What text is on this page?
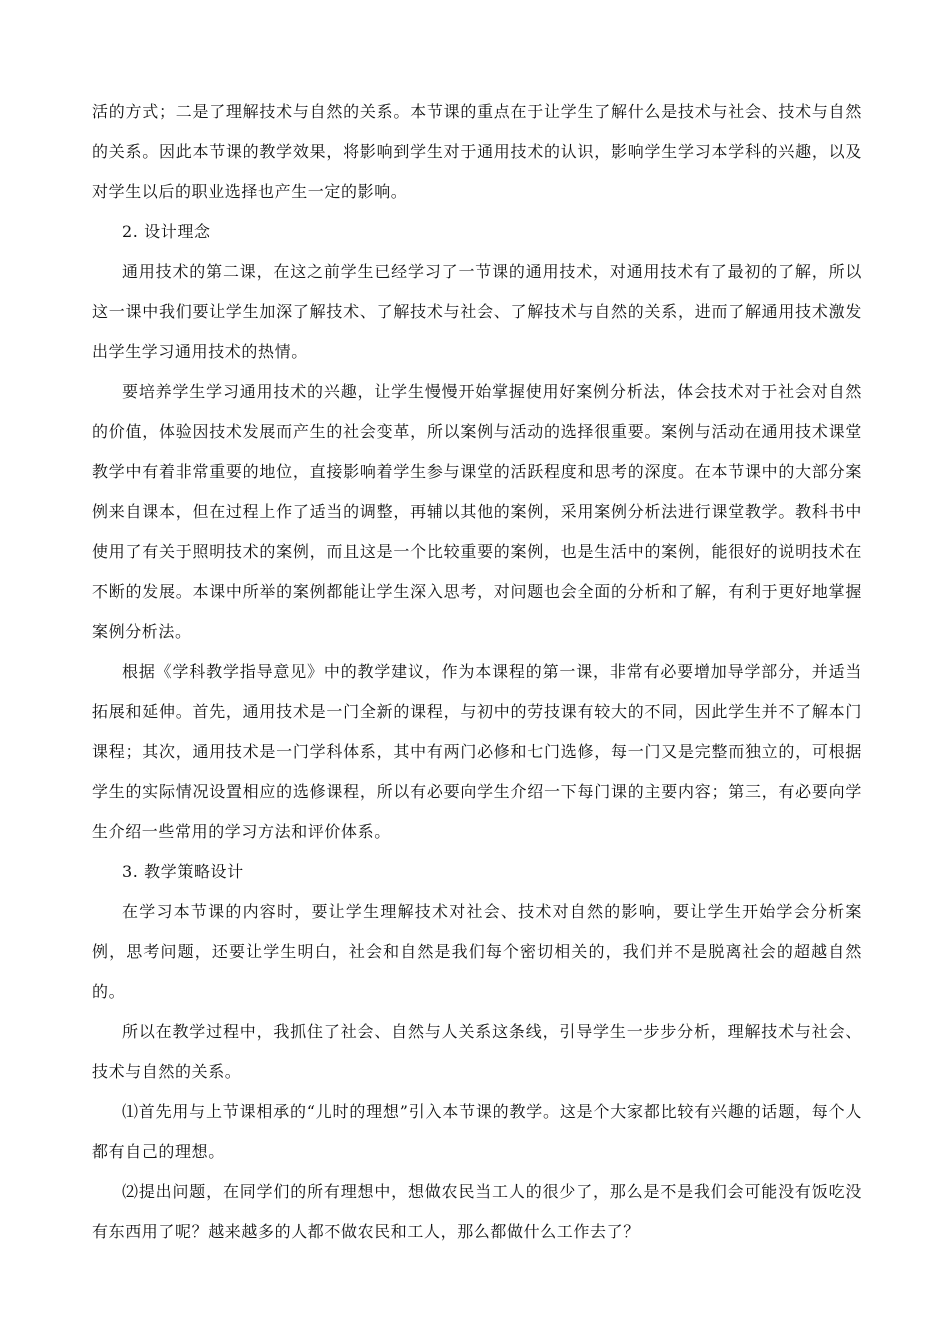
活的方式；二是了理解技术与自然的关系。本节课的重点在于让学生了解什么是技术与社会、技术与自然的关系。因此本节课的教学效果，将影响到学生对于通用技术的认识，影响学生学习本学科的兴趣，以及对学生以后的职业选择也产生一定的影响。

2. 设计理念

通用技术的第二课，在这之前学生已经学习了一节课的通用技术，对通用技术有了最初的了解，所以这一课中我们要让学生加深了解技术、了解技术与社会、了解技术与自然的关系，进而了解通用技术激发出学生学习通用技术的热情。

要培养学生学习通用技术的兴趣，让学生慢慢开始掌握使用好案例分析法，体会技术对于社会对自然的价值，体验因技术发展而产生的社会变革，所以案例与活动的选择很重要。案例与活动在通用技术课堂教学中有着非常重要的地位，直接影响着学生参与课堂的活跃程度和思考的深度。在本节课中的大部分案例来自课本，但在过程上作了适当的调整，再辅以其他的案例，采用案例分析法进行课堂教学。教科书中使用了有关于照明技术的案例，而且这是一个比较重要的案例，也是生活中的案例，能很好的说明技术在不断的发展。本课中所举的案例都能让学生深入思考，对问题也会全面的分析和了解，有利于更好地掌握案例分析法。

根据《学科教学指导意见》中的教学建议，作为本课程的第一课，非常有必要增加导学部分，并适当拓展和延伸。首先，通用技术是一门全新的课程，与初中的劳技课有较大的不同，因此学生并不了解本门课程；其次，通用技术是一门学科体系，其中有两门必修和七门选修，每一门又是完整而独立的，可根据学生的实际情况设置相应的选修课程，所以有必要向学生介绍一下每门课的主要内容；第三，有必要向学生介绍一些常用的学习方法和评价体系。

3. 教学策略设计

在学习本节课的内容时，要让学生理解技术对社会、技术对自然的影响，要让学生开始学会分析案例，思考问题，还要让学生明白，社会和自然是我们每个密切相关的，我们并不是脱离社会的超越自然的。

所以在教学过程中，我抓住了社会、自然与人关系这条线，引导学生一步步分析，理解技术与社会、技术与自然的关系。

⑴首先用与上节课相承的“儿时的理想”引入本节课的教学。这是个大家都比较有兴趣的话题，每个人都有自己的理想。

⑵提出问题，在同学们的所有理想中，想做农民当工人的很少了，那么是不是我们会可能没有饭吃没有东西用了呢？越来越多的人都不做农民和工人，那么都做什么工作去了？
